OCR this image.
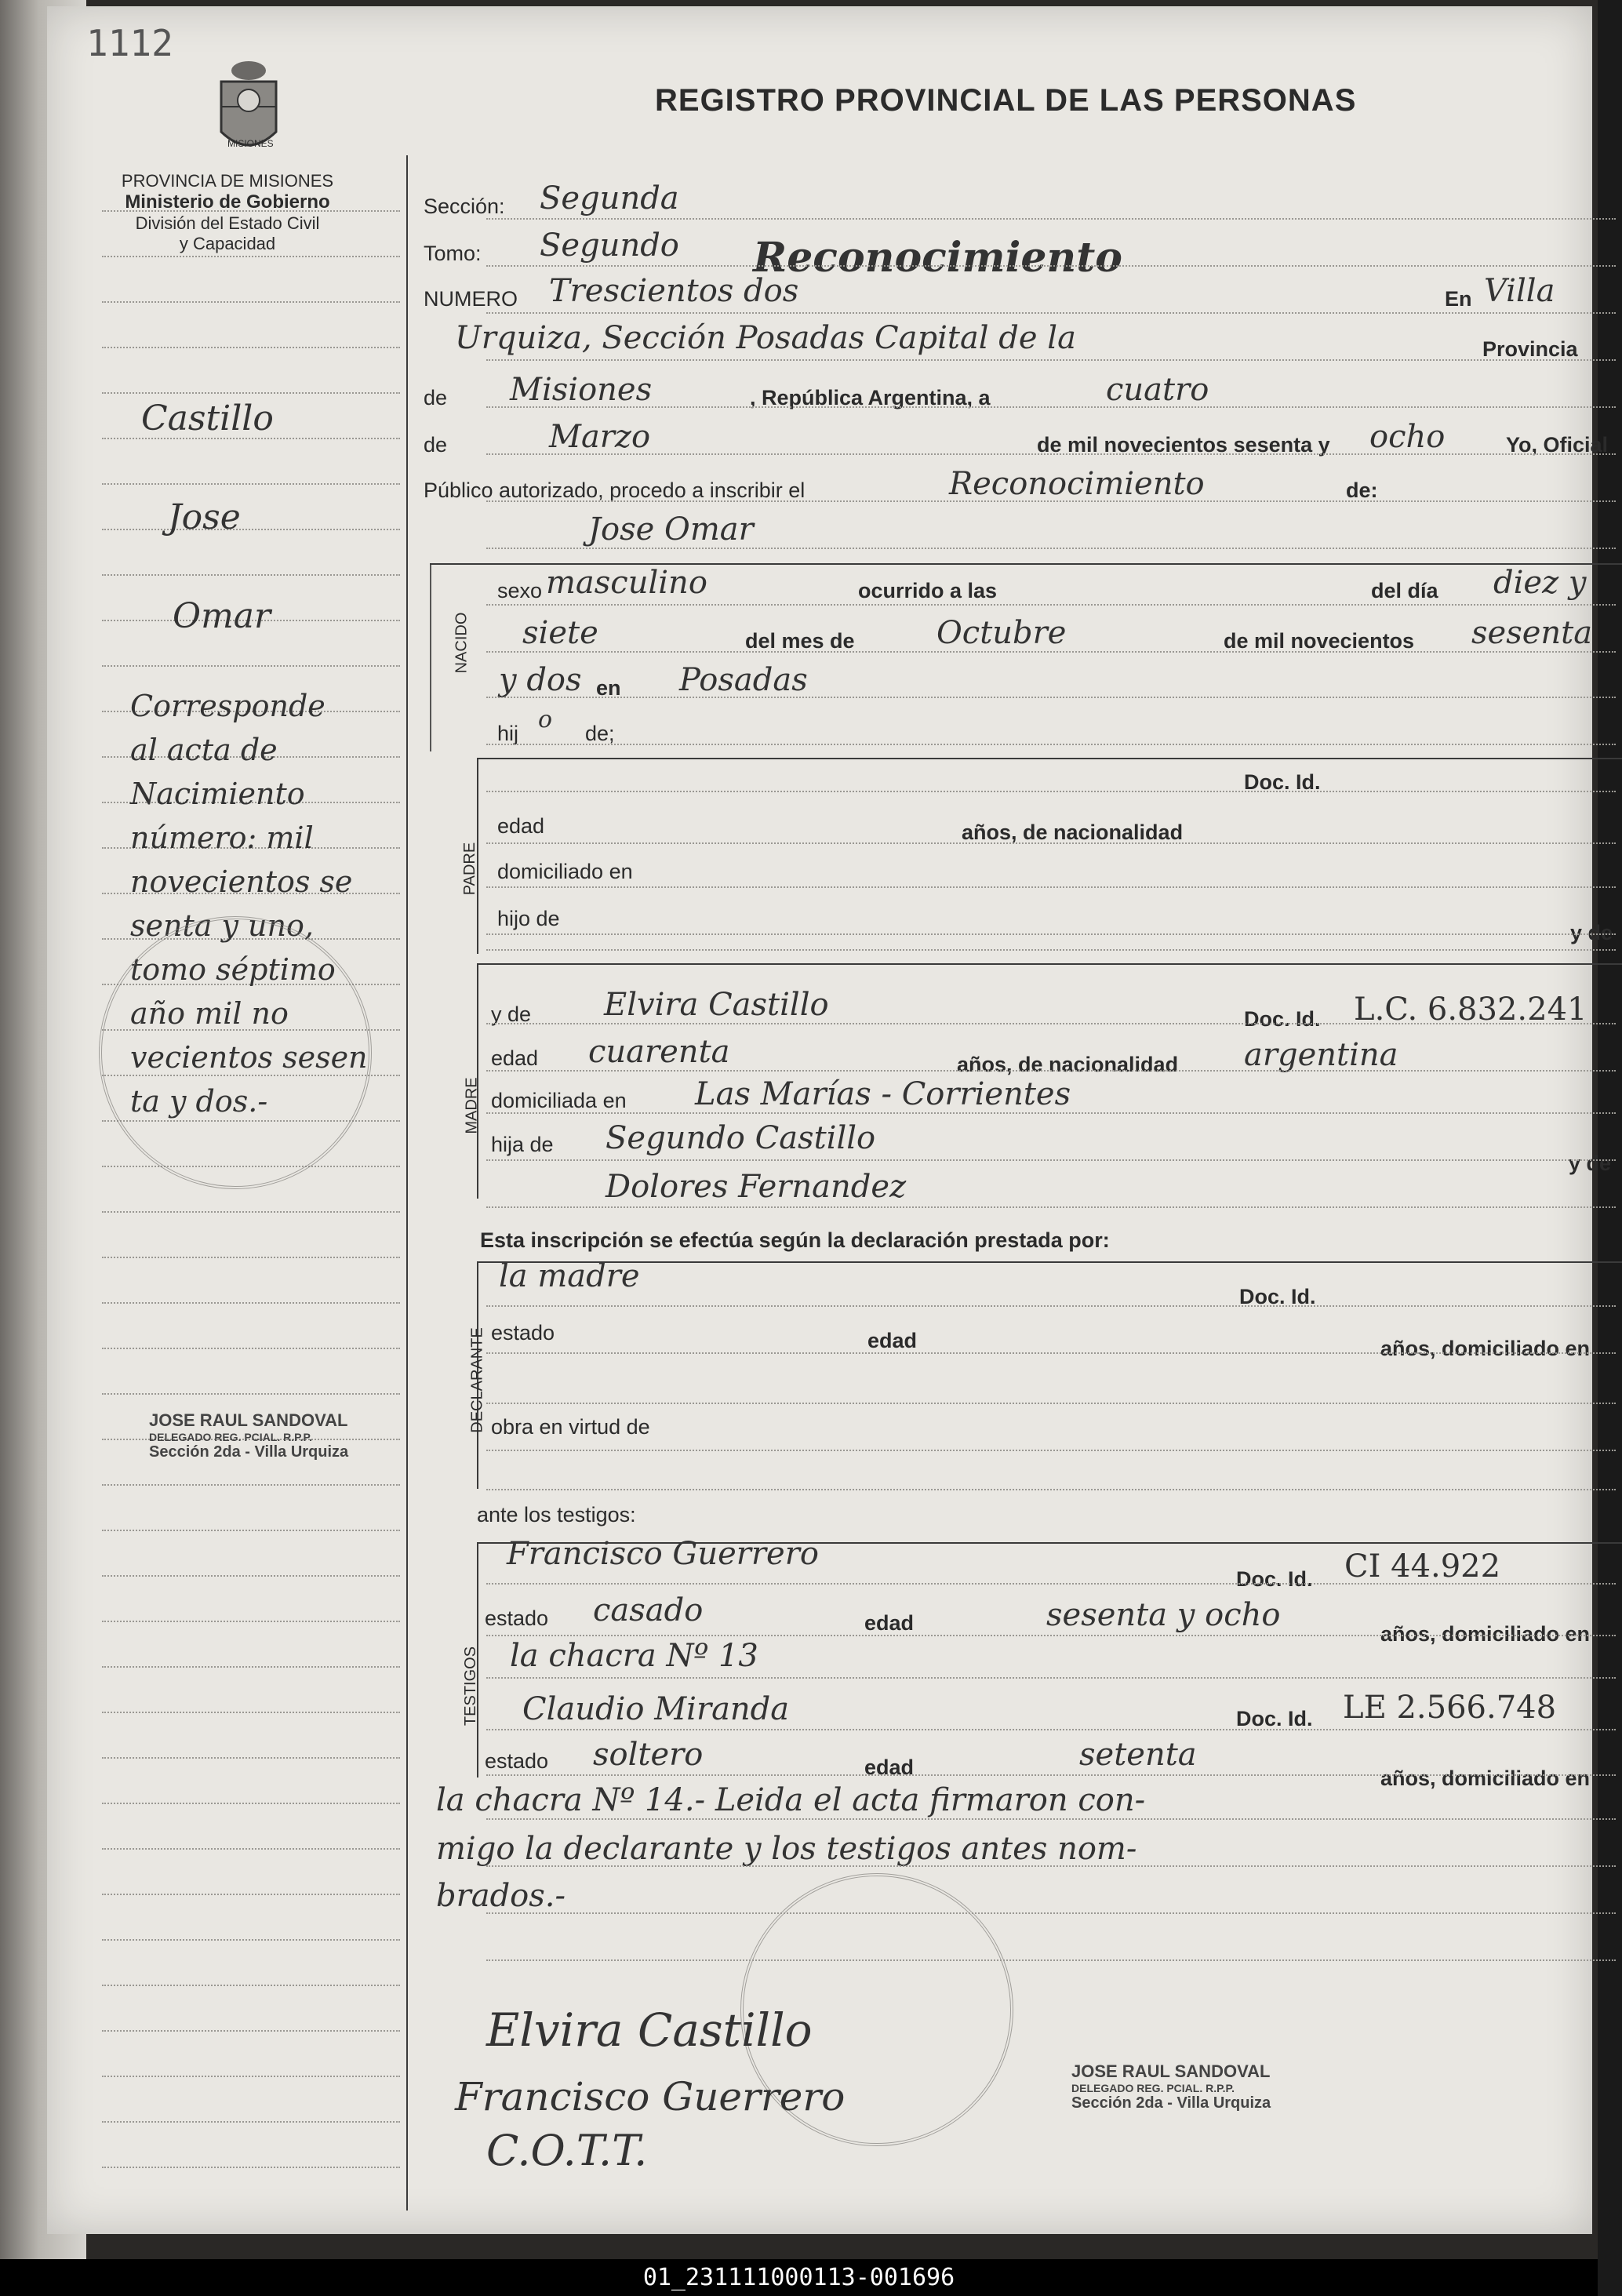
1112
MISIONES
PROVINCIA DE MISIONES
Ministerio de Gobierno
División del Estado Civil
y Capacidad
REGISTRO PROVINCIAL DE LAS PERSONAS
Sección: Segunda
Tomo: Segundo Reconocimiento
NUMERO Trescientos dos	En Villa
Urquiza, Sección Posadas Capital de la	Provincia
de Misiones	, República Argentina, a	cuatro
de	Marzo	de mil novecientos sesenta y ocho	Yo, Oficial
Público autorizado, procedo a inscribir el	Reconocimiento	de:
Jose Omar
NACIDO
sexo masculino	ocurrido a las	del día diez y
siete	del mes de	Octubre	de mil novecientos sesenta
y dos en Posadas
hij o de;
PADRE
Doc. Id.
edad	años, de nacionalidad
domiciliado en
hijo de
y de
MADRE
y de Elvira Castillo	Doc. Id. L.C. 6.832.241
edad cuarenta	años, de nacionalidad argentina
domiciliada en Las Marías - Corrientes
hija de Segundo Castillo
y de
Dolores Fernandez
Esta inscripción se efectúa según la declaración prestada por:
DECLARANTE
la madre
Doc. Id.
estado	edad	años, domiciliado en
obra en virtud de
ante los testigos:
TESTIGOS
Francisco Guerrero
Doc. Id. CI 44.922
estado casado	edad	sesenta y ocho
años, domiciliado en
la chacra Nº 13
Claudio Miranda	Doc. Id. LE 2.566.748
estado soltero	edad	setenta
años, domiciliado en
la chacra Nº 14.- Leida el acta firmaron con-
migo la declarante y los testigos antes nom-
brados.-
Castillo
Jose
Omar
Corresponde
al acta de
Nacimiento
número: mil
novecientos se
senta y uno,
tomo séptimo
año mil no
vecientos sesen
ta y dos.-
JOSE RAUL SANDOVAL
DELEGADO REG. PCIAL. R.P.P.
Sección 2da - Villa Urquiza
JOSE RAUL SANDOVAL
DELEGADO REG. PCIAL. R.P.P.
Sección 2da - Villa Urquiza
Elvira Castillo
Francisco Guerrero
C.O.T.T.
01_231111000113-001696
